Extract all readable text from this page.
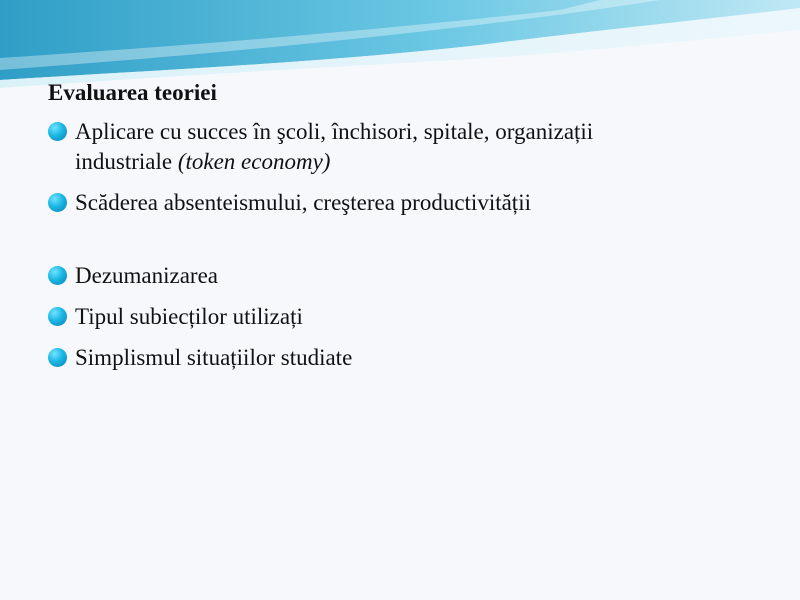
Evaluarea teoriei
Aplicare cu succes în şcoli, închisori, spitale, organizații
industriale (token economy)
Scăderea absenteismului, creşterea productivității
Dezumanizarea
Tipul subiecților utilizați
Simplismul situațiilor studiate
